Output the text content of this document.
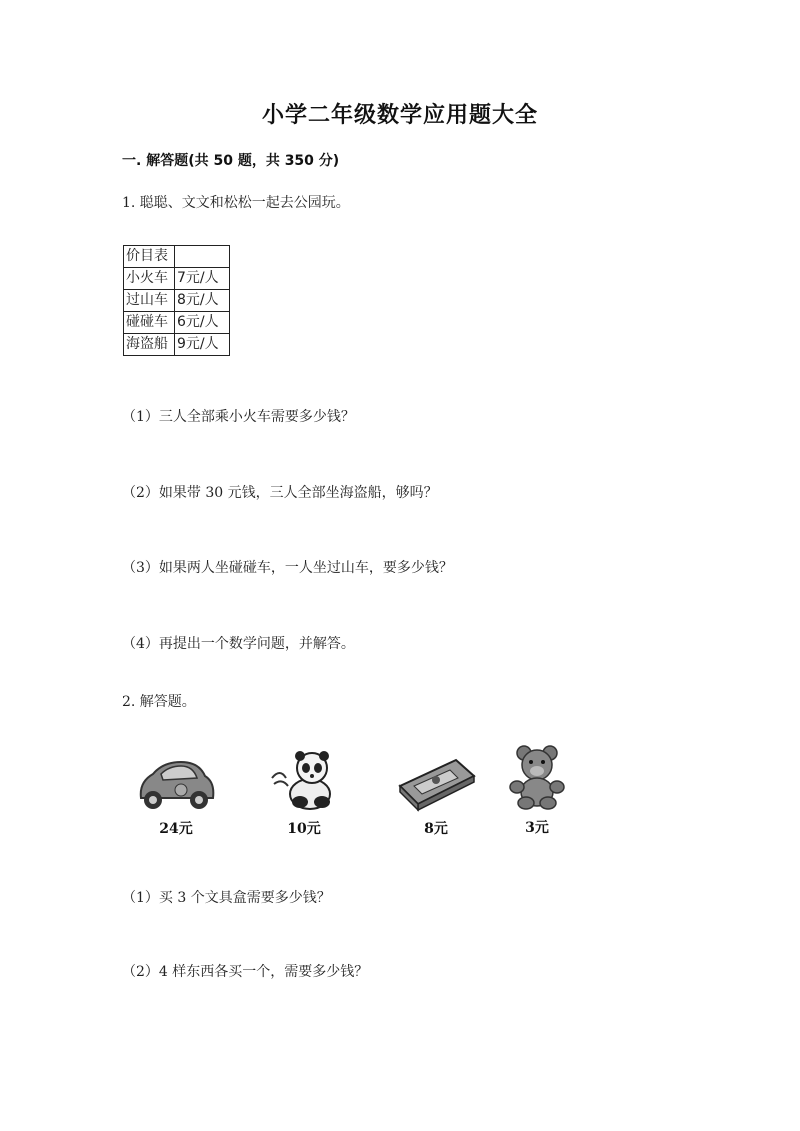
小学二年级数学应用题大全
一. 解答题(共 50 题，共 350 分)
1. 聪聪、文文和松松一起去公园玩。
价目表	
小火车	7元/人
过山车	8元/人
碰碰车	6元/人
海盗船	9元/人
（1）三人全部乘小火车需要多少钱？
（2）如果带 30 元钱，三人全部坐海盗船，够吗？
（3）如果两人坐碰碰车，一人坐过山车，要多少钱？
（4）再提出一个数学问题，并解答。
2. 解答题。
24元	10元	8元	3元
（1）买 3 个文具盒需要多少钱？
（2）4 样东西各买一个，需要多少钱？
